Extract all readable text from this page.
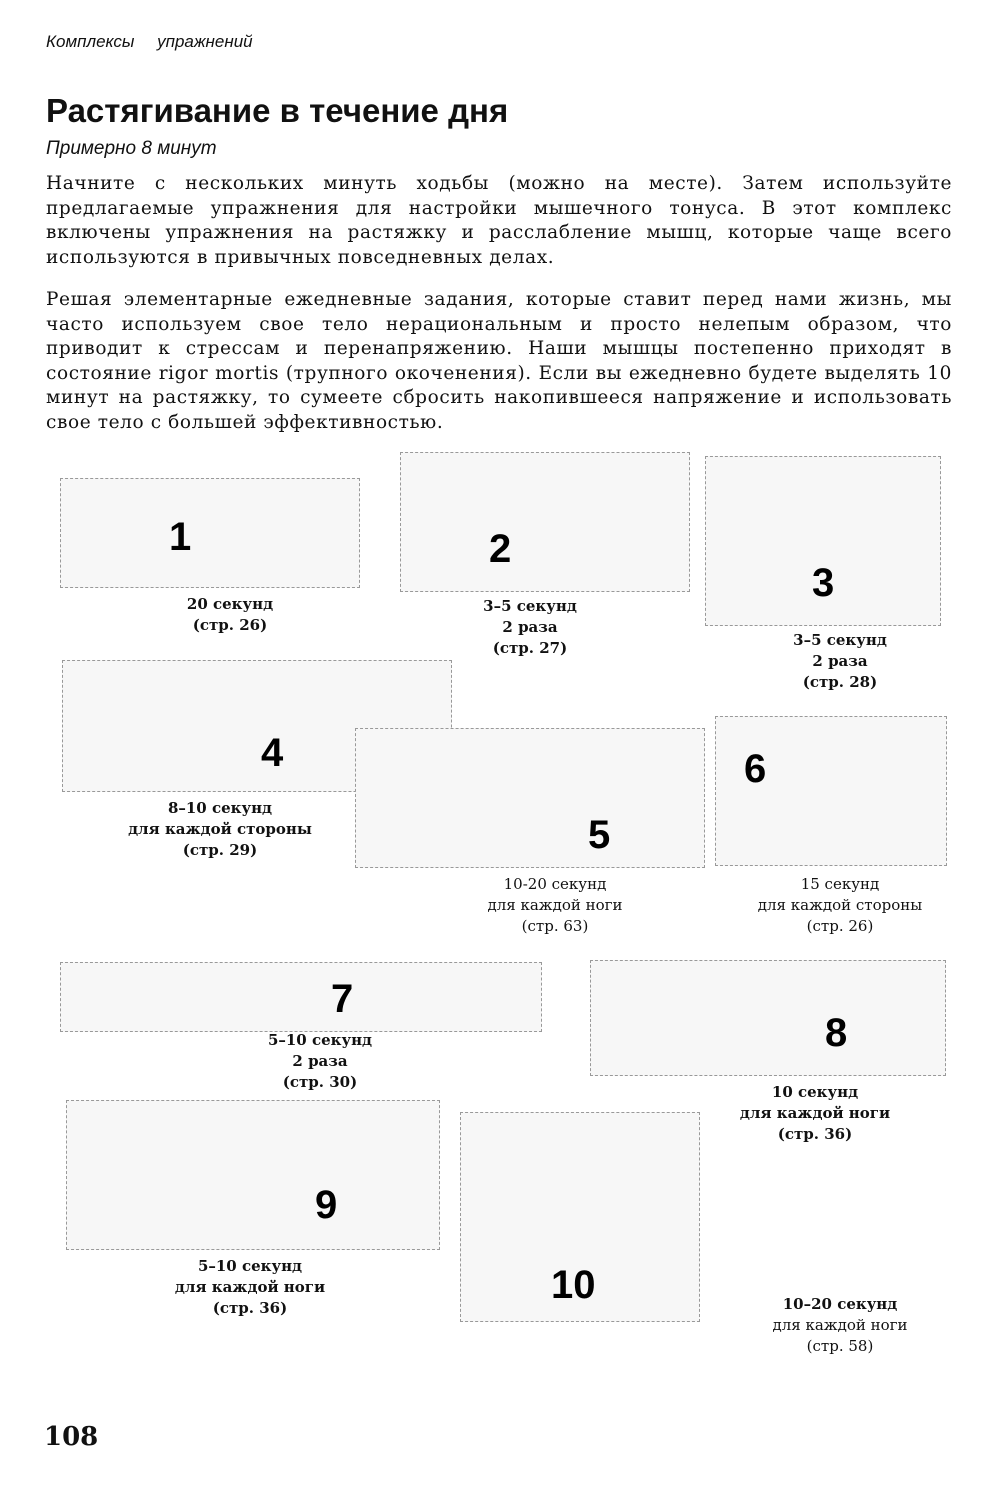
Комплексы упражнений
Растягивание в течение дня
Примерно 8 минут

Начните с нескольких минуть ходьбы (можно на месте). Затем используйте предлагаемые упражнения для настройки мышечного тонуса. В этот комплекс включены упражнения на растяжку и расслабление мышц, которые чаще всего используются в привычных повседневных делах.

Решая элементарные ежедневные задания, которые ставит перед нами жизнь, мы часто используем свое тело нерациональным и просто нелепым образом, что приводит к стрессам и перенапряжению. Наши мышцы постепенно приходят в состояние rigor mortis (трупного окоченения). Если вы ежедневно будете выделять 10 минут на растяжку, то сумеете сбросить накопившееся напряжение и использовать свое тело с большей эффективностью.

1
20 секунд
(стр. 26)
2
3–5 секунд
2 раза
(стр. 27)
3
3–5 секунд
2 раза
(стр. 28)
4
8–10 секунд
для каждой стороны
(стр. 29)	5
10-20 секунд
для каждой ноги
(стр. 63)
6
15 секунд
для каждой стороны
(стр. 26)
7
5–10 секунд
2 раза
(стр. 30)
8
10 секунд
для каждой ноги
(стр. 36)
9
5–10 секунд
для каждой ноги
(стр. 36)
10	10–20 секунд
для каждой ноги
(стр. 58)
108
